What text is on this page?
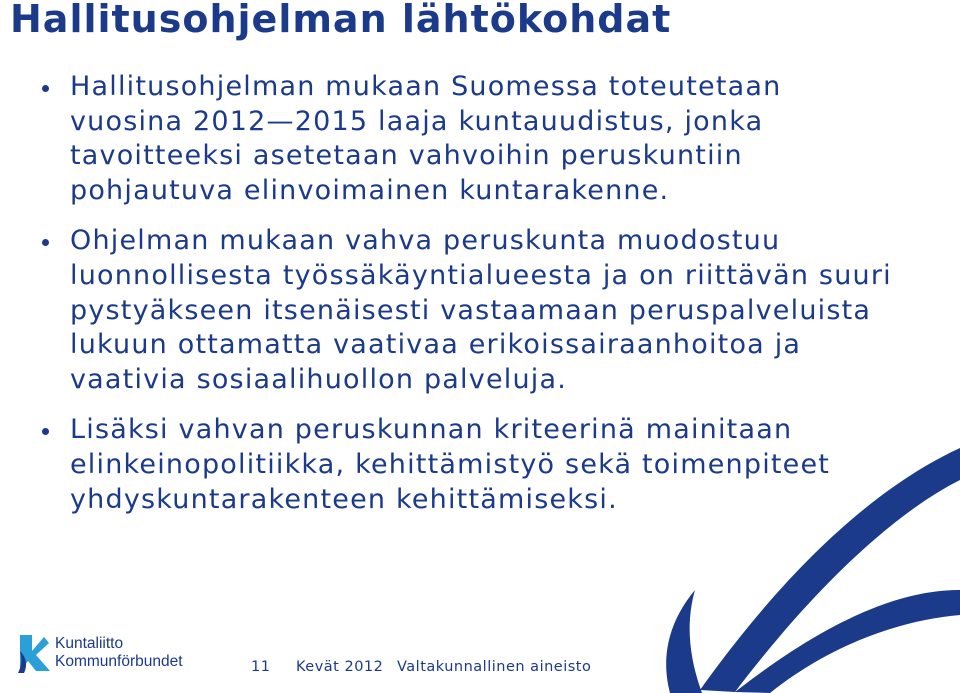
Hallitusohjelman lähtökohdat
Hallitusohjelman mukaan Suomessa toteutetaan vuosina 2012—2015 laaja kuntauudistus, jonka tavoitteeksi asetetaan vahvoihin peruskuntiin pohjautuva elinvoimainen kuntarakenne.
Ohjelman mukaan vahva peruskunta muodostuu luonnollisesta työssäkäyntialueesta ja on riittävän suuri pystyäkseen itsenäisesti vastaamaan peruspalveluista lukuun ottamatta vaativaa erikoissairaanhoitoa ja vaativia sosiaalihuollon palveluja.
Lisäksi vahvan peruskunnan kriteerinä mainitaan elinkeinopolitiikka, kehittämistyö sekä toimenpiteet yhdyskuntarakenteen kehittämiseksi.
Kuntaliitto
Kommunförbundet	11 Kevät 2012 Valtakunnallinen aineisto
